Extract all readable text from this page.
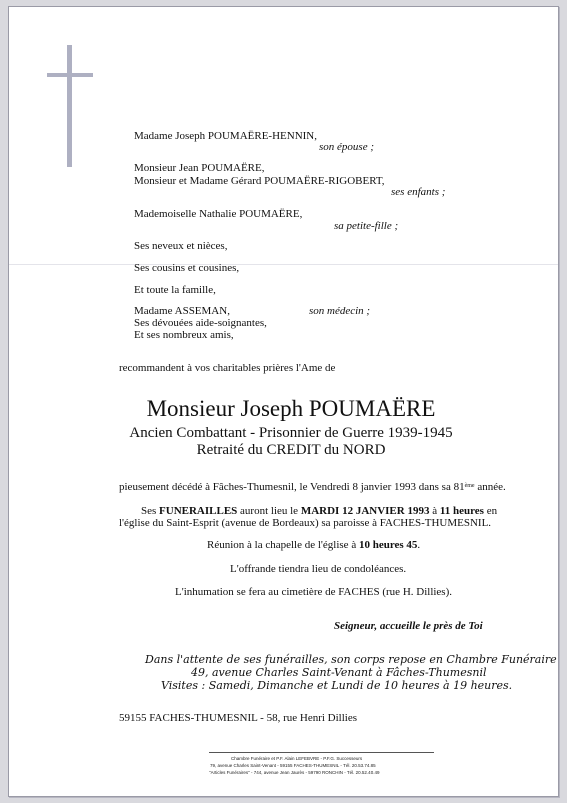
Madame Joseph POUMAËRE-HENNIN,
son épouse ;
Monsieur Jean POUMAËRE,
Monsieur et Madame Gérard POUMAËRE-RIGOBERT,
ses enfants ;
Mademoiselle Nathalie POUMAËRE,
sa petite-fille ;
Ses neveux et nièces,
Ses cousins et cousines,
Et toute la famille,
Madame ASSEMAN,	son médecin ;
Ses dévouées aide-soignantes,
Et ses nombreux amis,
recommandent à vos charitables prières l'Ame de
Monsieur Joseph POUMAËRE
Ancien Combattant - Prisonnier de Guerre 1939-1945
Retraité du CREDIT du NORD
pieusement décédé à Fâches-Thumesnil, le Vendredi 8 janvier 1993 dans sa 81ème année.
Ses FUNERAILLES auront lieu le MARDI 12 JANVIER 1993 à 11 heures en
l'église du Saint-Esprit (avenue de Bordeaux) sa paroisse à FACHES-THUMESNIL.
Réunion à la chapelle de l'église à 10 heures 45.
L'offrande tiendra lieu de condoléances.
L'inhumation se fera au cimetière de FACHES (rue H. Dillies).
Seigneur, accueille le près de Toi
Dans l'attente de ses funérailles, son corps repose en Chambre Funéraire
49, avenue Charles Saint-Venant à Fâches-Thumesnil
Visites : Samedi, Dimanche et Lundi de 10 heures à 19 heures.
59155 FACHES-THUMESNIL - 58, rue Henri Dillies
Chambre Funéraire et P.F. Alain LEFEBVRE - P.F.G. Successeurs
79, avenue Charles Saint-Venant - 59155 FACHES-THUMESNIL - Tél. 20.53.74.85
"Articles Funéraires" - 744, avenue Jean Jaurès - 59790 RONCHIN - Tél. 20.52.40.49
